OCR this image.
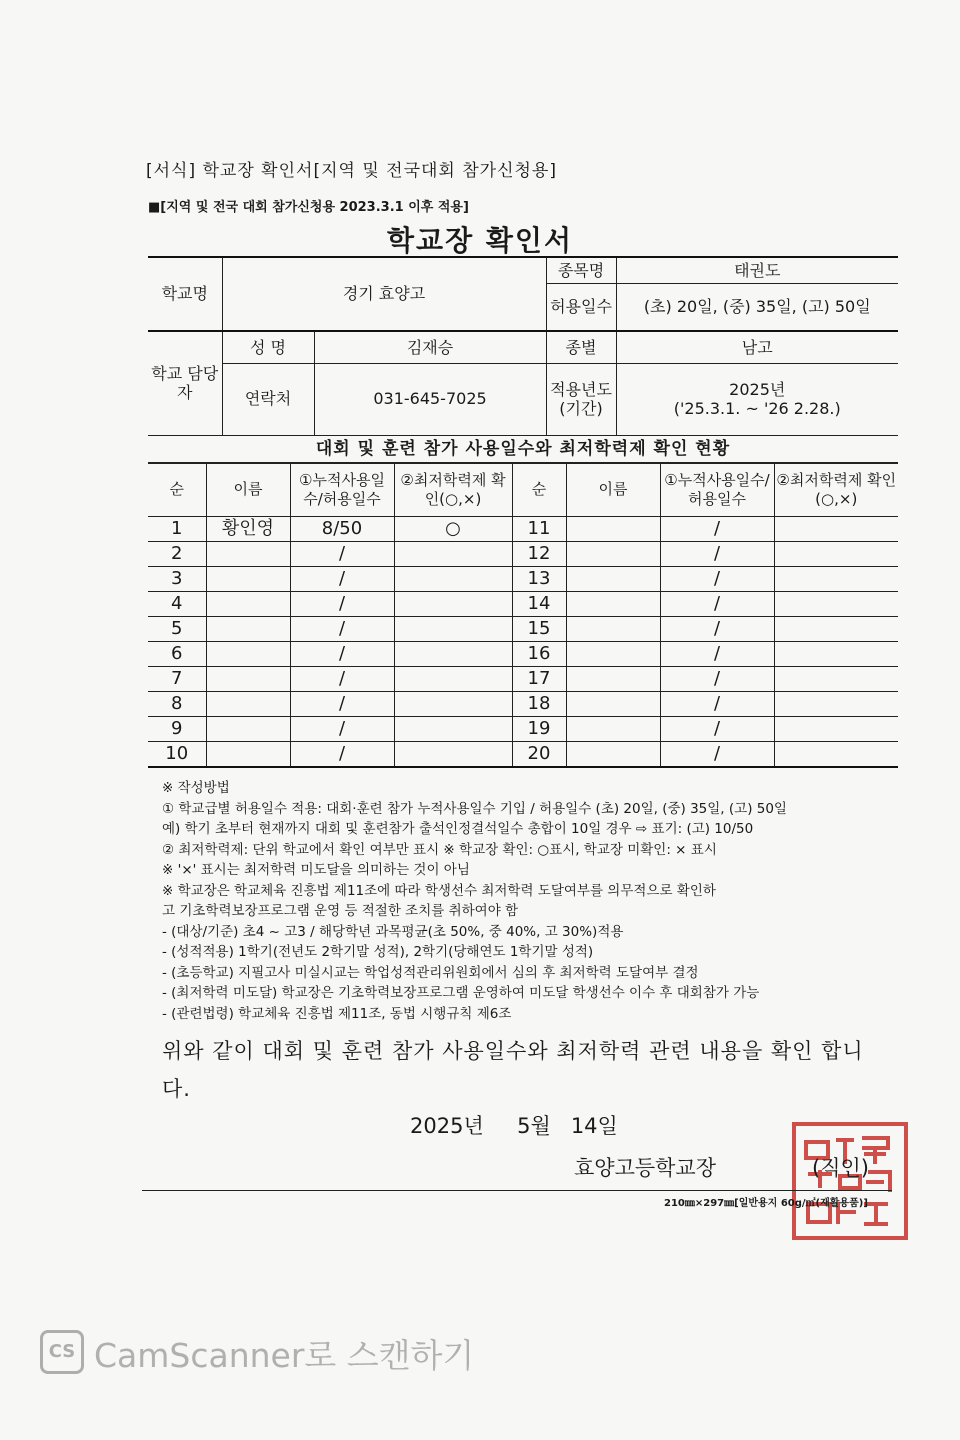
[서식] 학교장 확인서[지역 및 전국대회 참가신청용]
■[지역 및 전국 대회 참가신청용 2023.3.1 이후 적용]
학교장 확인서
학교명	경기 효양고		종목명	태권도
			허용일수	(초) 20일, (중) 35일, (고) 50일
학교 담당자	성 명	김재승	종별	남고
	연락처	031-645-7025	적용년도 (기간)	2025년
('25.3.1. ~ '26 2.28.)
대회 및 훈련 참가 사용일수와 최저학력제 확인 현황
순	이름	①누적사용일수/허용일수	②최저학력제 확인(○,×)	순	이름	①누적사용일수/허용일수	②최저학력제 확인(○,×)
1	황인영	8/50	○	11		/	
2		/		12		/	
3		/		13		/	
4		/		14		/	
5		/		15		/	
6		/		16		/	
7		/		17		/	
8		/		18		/	
9		/		19		/	
10		/		20		/	
※ 작성방법
① 학교급별 허용일수 적용: 대회·훈련 참가 누적사용일수 기입 / 허용일수 (초) 20일, (중) 35일, (고) 50일
예) 학기 초부터 현재까지 대회 및 훈련참가 출석인정결석일수 총합이 10일 경우 ⇨ 표기: (고) 10/50
② 최저학력제: 단위 학교에서 확인 여부만 표시 ※ 학교장 확인: ○표시, 학교장 미확인: × 표시
※ '×' 표시는 최저학력 미도달을 의미하는 것이 아님
※ 학교장은 학교체육 진흥법 제11조에 따라 학생선수 최저학력 도달여부를 의무적으로 확인하
고 기초학력보장프로그램 운영 등 적절한 조치를 취하여야 함
- (대상/기준) 초4 ~ 고3 / 해당학년 과목평균(초 50%, 중 40%, 고 30%)적용
- (성적적용) 1학기(전년도 2학기말 성적), 2학기(당해연도 1학기말 성적)
- (초등학교) 지필고사 미실시교는 학업성적관리위원회에서 심의 후 최저학력 도달여부 결정
- (최저학력 미도달) 학교장은 기초학력보장프로그램 운영하여 미도달 학생선수 이수 후 대회참가 가능
- (관련법령) 학교체육 진흥법 제11조, 동법 시행규칙 제6조
위와 같이 대회 및 훈련 참가 사용일수와 최저학력 관련 내용을 확인 합니다.
2025년 5월 14일
효양고등학교장	(직인)
210㎜×297㎜[일반용지 60g/㎡(재활용품)]
CS CamScanner로 스캔하기
